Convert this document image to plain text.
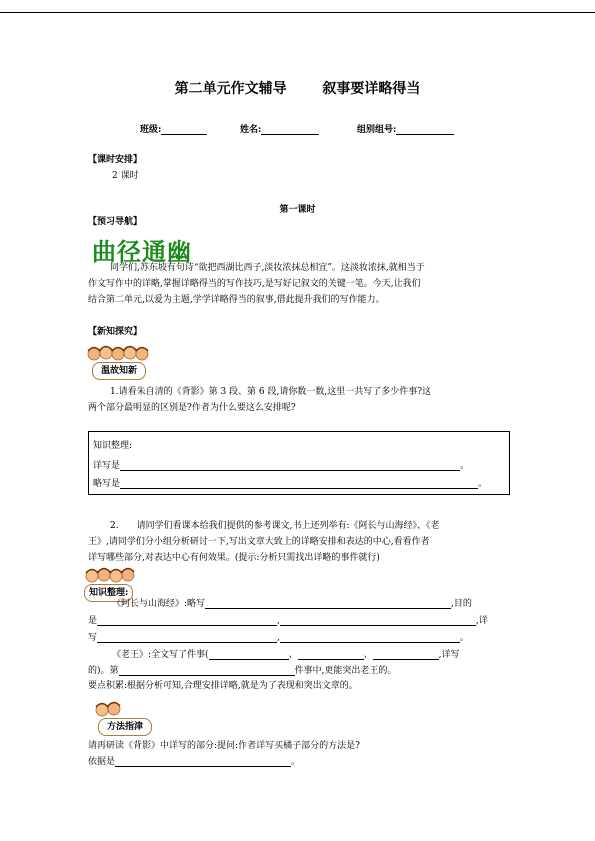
第二单元作文辅导	叙事要详略得当
班级:	姓名:	组别组号:
【课时安排】
2 课时
第一课时
【预习导航】
曲径通幽
同学们,苏东坡有句诗“欲把西湖比西子,淡妆浓抹总相宜”。这淡妆浓抹,就相当于
作文写作中的详略,掌握详略得当的写作技巧,是写好记叙文的关键一笔。今天,让我们
结合第二单元,以爱为主题,学学详略得当的叙事,借此提升我们的写作能力。
【新知探究】
温故知新
1.请看朱自清的《背影》第 3 段、第 6 段,请你数一数,这里一共写了多少件事?这
两个部分最明显的区别是?作者为什么要这么安排呢?
知识整理:
详写是	。
略写是	。
2.　　请同学们看课本给我们提供的参考课文,书上还列举有:《阿长与山海经》、《老
王》,请同学们分小组分析研讨一下,写出文章大致上的详略安排和表达的中心,看看作者
详写哪些部分,对表达中心有何效果。(提示:分析只需找出详略的事件就行)
知识整理:
《阿长与山海经》:略写	,目的
是	,	,详
写	,	。
《老王》:全文写了件事(	、	、	,详写
的)。第	件事中,更能突出老王的。
要点积累:根据分析可知,合理安排详略,就是为了表现和突出文章的。
方法指津
请再研读《背影》中详写的部分:提问:作者详写买橘子部分的方法是?
依据是	。
